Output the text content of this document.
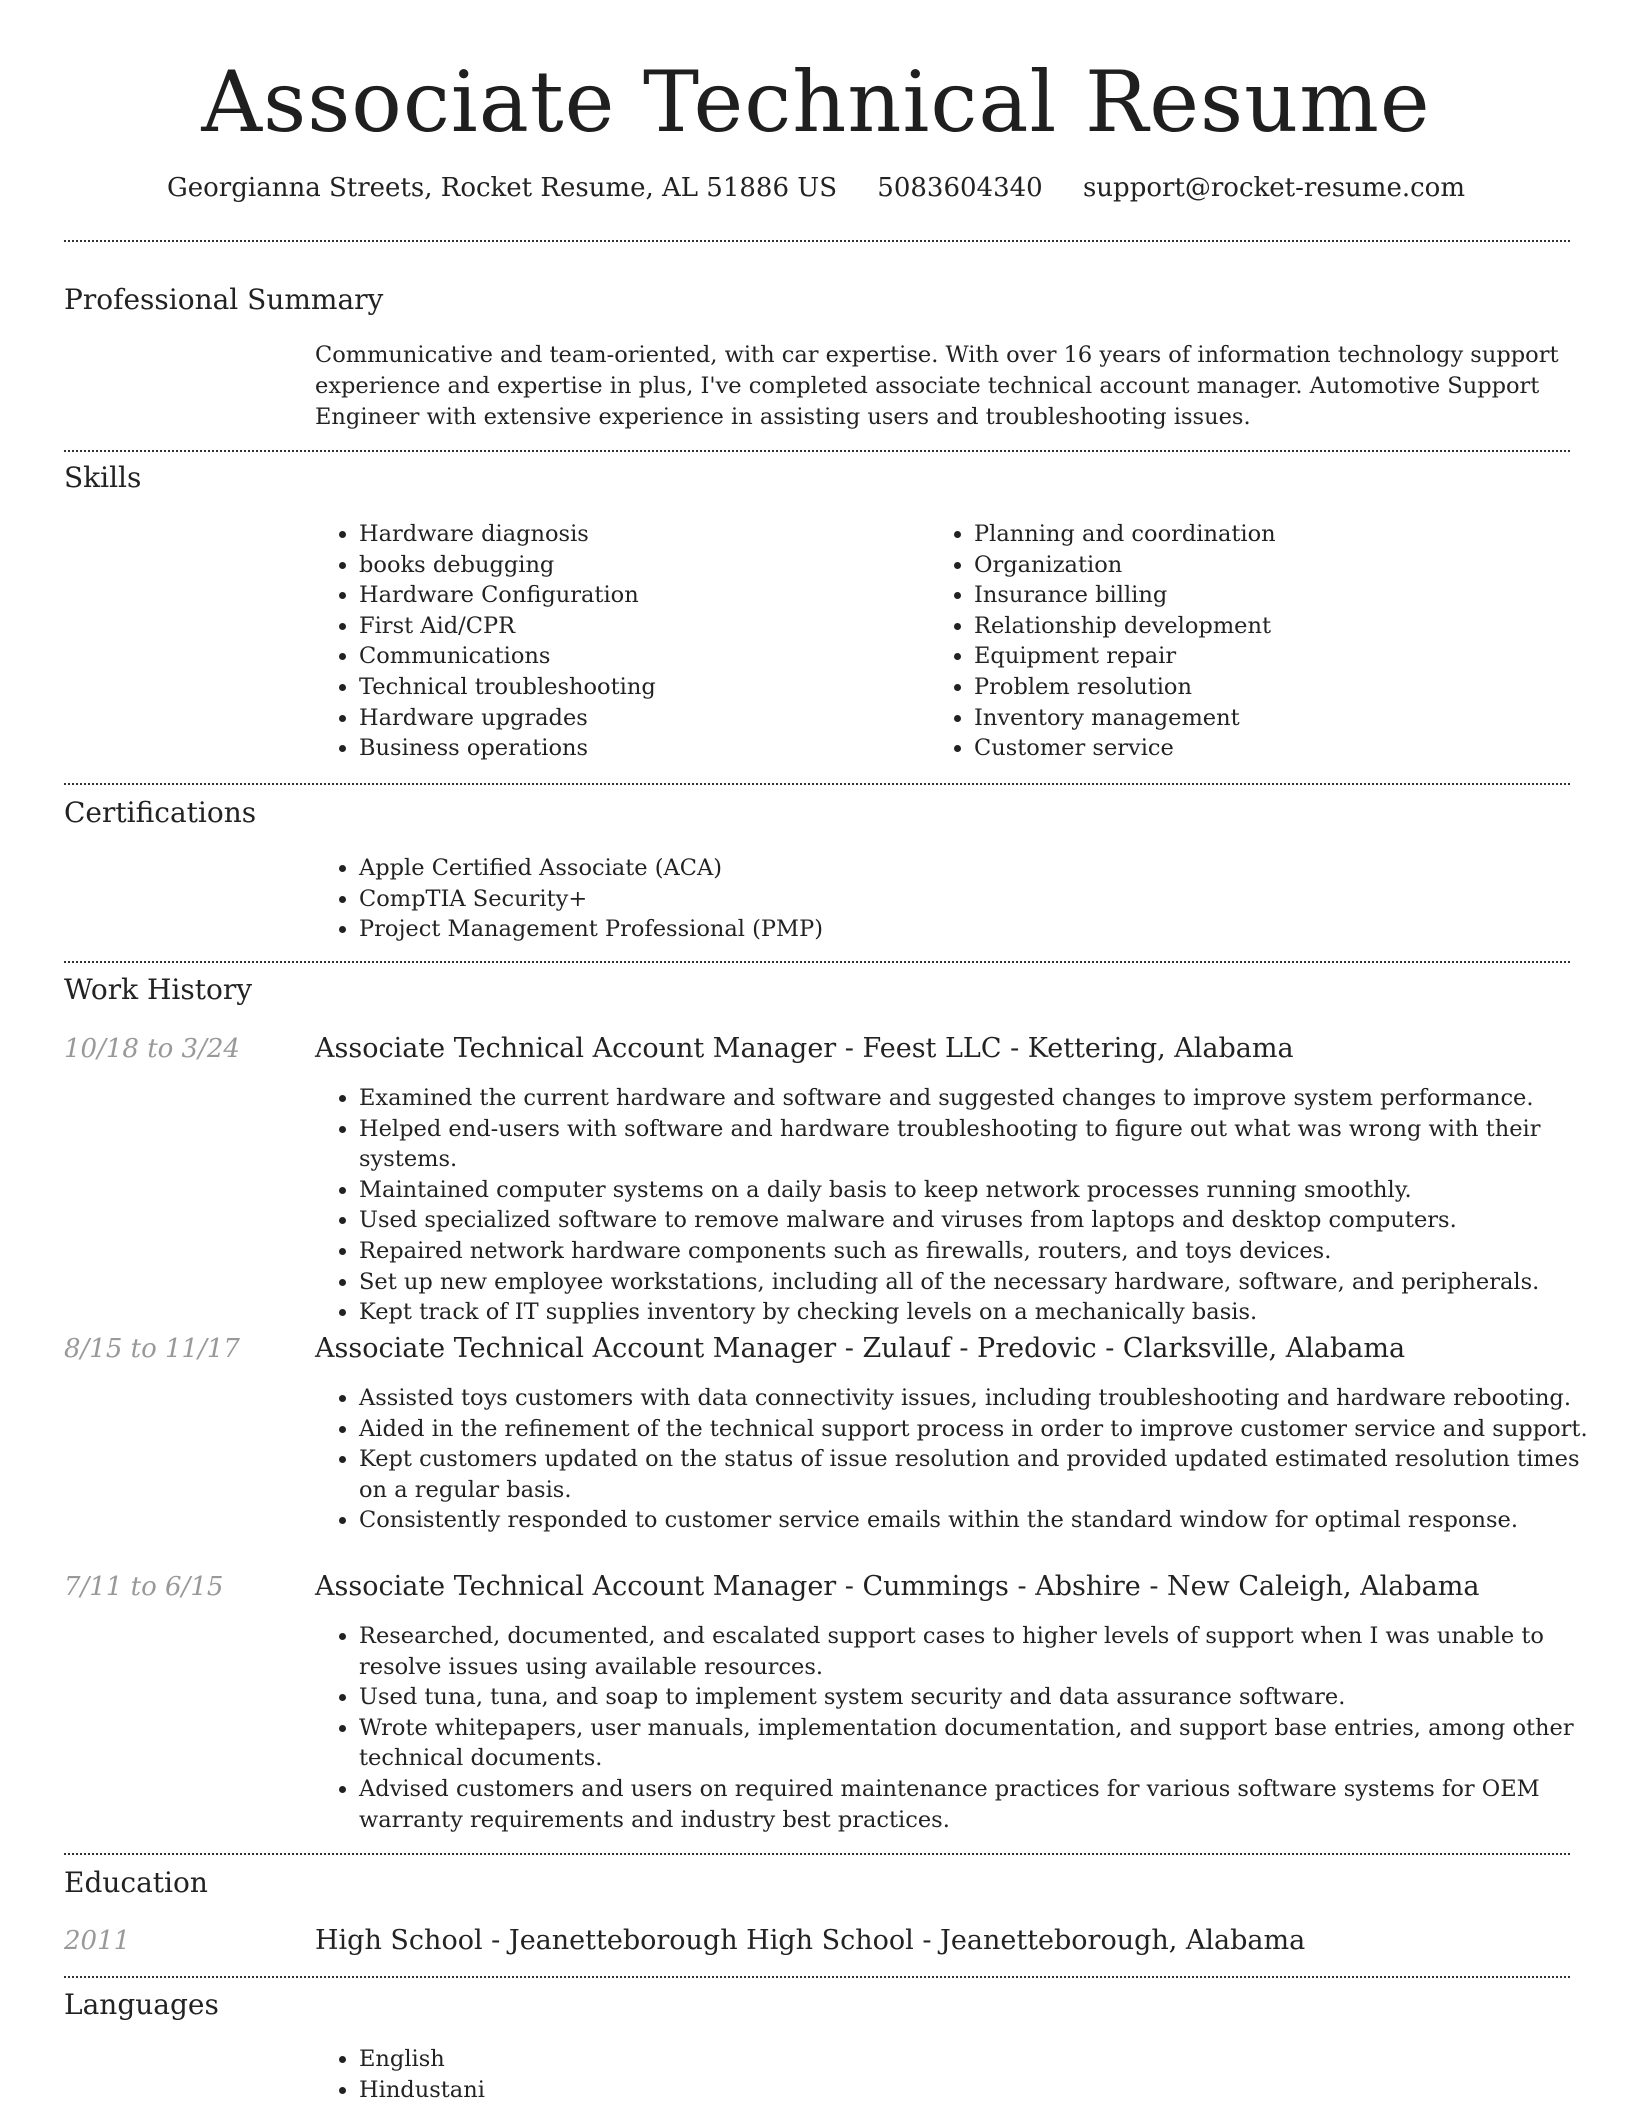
Associate Technical Resume
Georgianna Streets, Rocket Resume, AL 51886 US 5083604340 support@rocket-resume.com
Professional Summary

Communicative and team-oriented, with car expertise. With over 16 years of information technology support experience and expertise in plus, I've completed associate technical account manager. Automotive Support Engineer with extensive experience in assisting users and troubleshooting issues.

Skills
• Hardware diagnosis
• books debugging
• Hardware Configuration
• First Aid/CPR
• Communications
• Technical troubleshooting
• Hardware upgrades
• Business operations
• Planning and coordination
• Organization
• Insurance billing
• Relationship development
• Equipment repair
• Problem resolution
• Inventory management
• Customer service
Certifications
• Apple Certified Associate (ACA)
• CompTIA Security+
• Project Management Professional (PMP)
Work History
10/18 to 3/24	Associate Technical Account Manager - Feest LLC - Kettering, Alabama
• Examined the current hardware and software and suggested changes to improve system performance.
• Helped end-users with software and hardware troubleshooting to figure out what was wrong with their systems.
• Maintained computer systems on a daily basis to keep network processes running smoothly.
• Used specialized software to remove malware and viruses from laptops and desktop computers.
• Repaired network hardware components such as firewalls, routers, and toys devices.
• Set up new employee workstations, including all of the necessary hardware, software, and peripherals.
• Kept track of IT supplies inventory by checking levels on a mechanically basis.
8/15 to 11/17	Associate Technical Account Manager - Zulauf - Predovic - Clarksville, Alabama
• Assisted toys customers with data connectivity issues, including troubleshooting and hardware rebooting.
• Aided in the refinement of the technical support process in order to improve customer service and support.
• Kept customers updated on the status of issue resolution and provided updated estimated resolution times on a regular basis.
• Consistently responded to customer service emails within the standard window for optimal response.
7/11 to 6/15	Associate Technical Account Manager - Cummings - Abshire - New Caleigh, Alabama
• Researched, documented, and escalated support cases to higher levels of support when I was unable to resolve issues using available resources.
• Used tuna, tuna, and soap to implement system security and data assurance software.
• Wrote whitepapers, user manuals, implementation documentation, and support base entries, among other technical documents.
• Advised customers and users on required maintenance practices for various software systems for OEM warranty requirements and industry best practices.
Education
2011	High School - Jeanetteborough High School - Jeanetteborough, Alabama
Languages
• English
• Hindustani
